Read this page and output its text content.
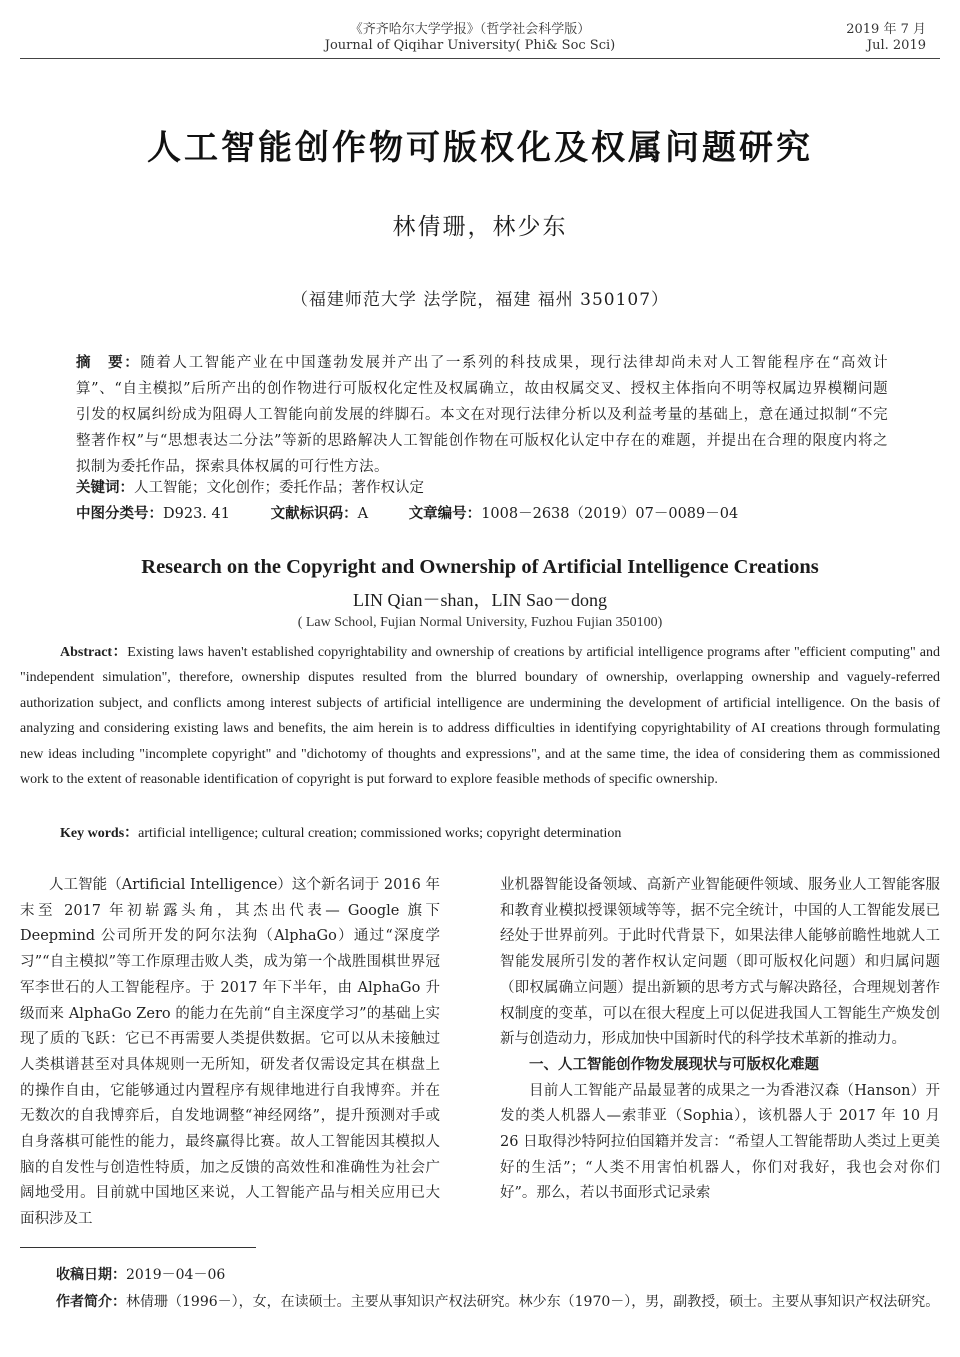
《齐齐哈尔大学学报》（哲学社会科学版）
Journal of Qiqihar University( Phi& Soc Sci)
2019 年 7 月
Jul. 2019
人工智能创作物可版权化及权属问题研究
林倩珊，林少东
（福建师范大学 法学院，福建 福州 350107）
摘　要：随着人工智能产业在中国蓬勃发展并产出了一系列的科技成果，现行法律却尚未对人工智能程序在“高效计算”、“自主模拟”后所产出的创作物进行可版权化定性及权属确立，故由权属交叉、授权主体指向不明等权属边界模糊问题引发的权属纠纷成为阻碍人工智能向前发展的绊脚石。本文在对现行法律分析以及利益考量的基础上，意在通过拟制“不完整著作权”与“思想表达二分法”等新的思路解决人工智能创作物在可版权化认定中存在的难题，并提出在合理的限度内将之拟制为委托作品，探索具体权属的可行性方法。
关键词：人工智能；文化创作；委托作品；著作权认定
中图分类号：D923. 41	文献标识码：A	文章编号：1008－2638（2019）07－0089－04
Research on the Copyright and Ownership of Artificial Intelligence Creations
LIN Qian－shan，LIN Sao－dong
( Law School, Fujian Normal University, Fuzhou Fujian 350100)
Abstract：Existing laws haven't established copyrightability and ownership of creations by artificial intelligence programs after "efficient computing" and "independent simulation", therefore, ownership disputes resulted from the blurred boundary of ownership, overlapping ownership and vaguely-referred authorization subject, and conflicts among interest subjects of artificial intelligence are undermining the development of artificial intelligence. On the basis of analyzing and considering existing laws and benefits, the aim herein is to address difficulties in identifying copyrightability of AI creations through formulating new ideas including "incomplete copyright" and "dichotomy of thoughts and expressions", and at the same time, the idea of considering them as commissioned work to the extent of reasonable identification of copyright is put forward to explore feasible methods of specific ownership.
Key words：artificial intelligence; cultural creation; commissioned works; copyright determination

人工智能（Artificial Intelligence）这个新名词于 2016 年末至 2017 年初崭露头角，其杰出代表— Google 旗下 Deepmind 公司所开发的阿尔法狗（AlphaGo）通过“深度学习”“自主模拟”等工作原理击败人类，成为第一个战胜围棋世界冠军李世石的人工智能程序。于 2017 年下半年，由 AlphaGo 升级而来 AlphaGo Zero 的能力在先前“自主深度学习”的基础上实现了质的飞跃：它已不再需要人类提供数据。它可以从未接触过人类棋谱甚至对具体规则一无所知，研发者仅需设定其在棋盘上的操作自由，它能够通过内置程序有规律地进行自我博弈。并在无数次的自我博弈后，自发地调整“神经网络”，提升预测对手或自身落棋可能性的能力，最终赢得比赛。故人工智能因其模拟人脑的自发性与创造性特质，加之反馈的高效性和准确性为社会广阔地受用。目前就中国地区来说，人工智能产品与相关应用已大面积涉及工

业机器智能设备领域、高新产业智能硬件领域、服务业人工智能客服和教育业模拟授课领域等等，据不完全统计，中国的人工智能发展已经处于世界前列。于此时代背景下，如果法律人能够前瞻性地就人工智能发展所引发的著作权认定问题（即可版权化问题）和归属问题（即权属确立问题）提出新颖的思考方式与解决路径，合理规划著作权制度的变革，可以在很大程度上可以促进我国人工智能生产焕发创新与创造动力，形成加快中国新时代的科学技术革新的推动力。

一、人工智能创作物发展现状与可版权化难题

目前人工智能产品最显著的成果之一为香港汉森（Hanson）开发的类人机器人—索菲亚（Sophia），该机器人于 2017 年 10 月 26 日取得沙特阿拉伯国籍并发言：“希望人工智能帮助人类过上更美好的生活”；“人类不用害怕机器人，你们对我好，我也会对你们好”。那么，若以书面形式记录索

收稿日期：2019－04－06
作者简介：林倩珊（1996－），女，在读硕士。主要从事知识产权法研究。林少东（1970－），男，副教授，硕士。主要从事知识产权法研究。
